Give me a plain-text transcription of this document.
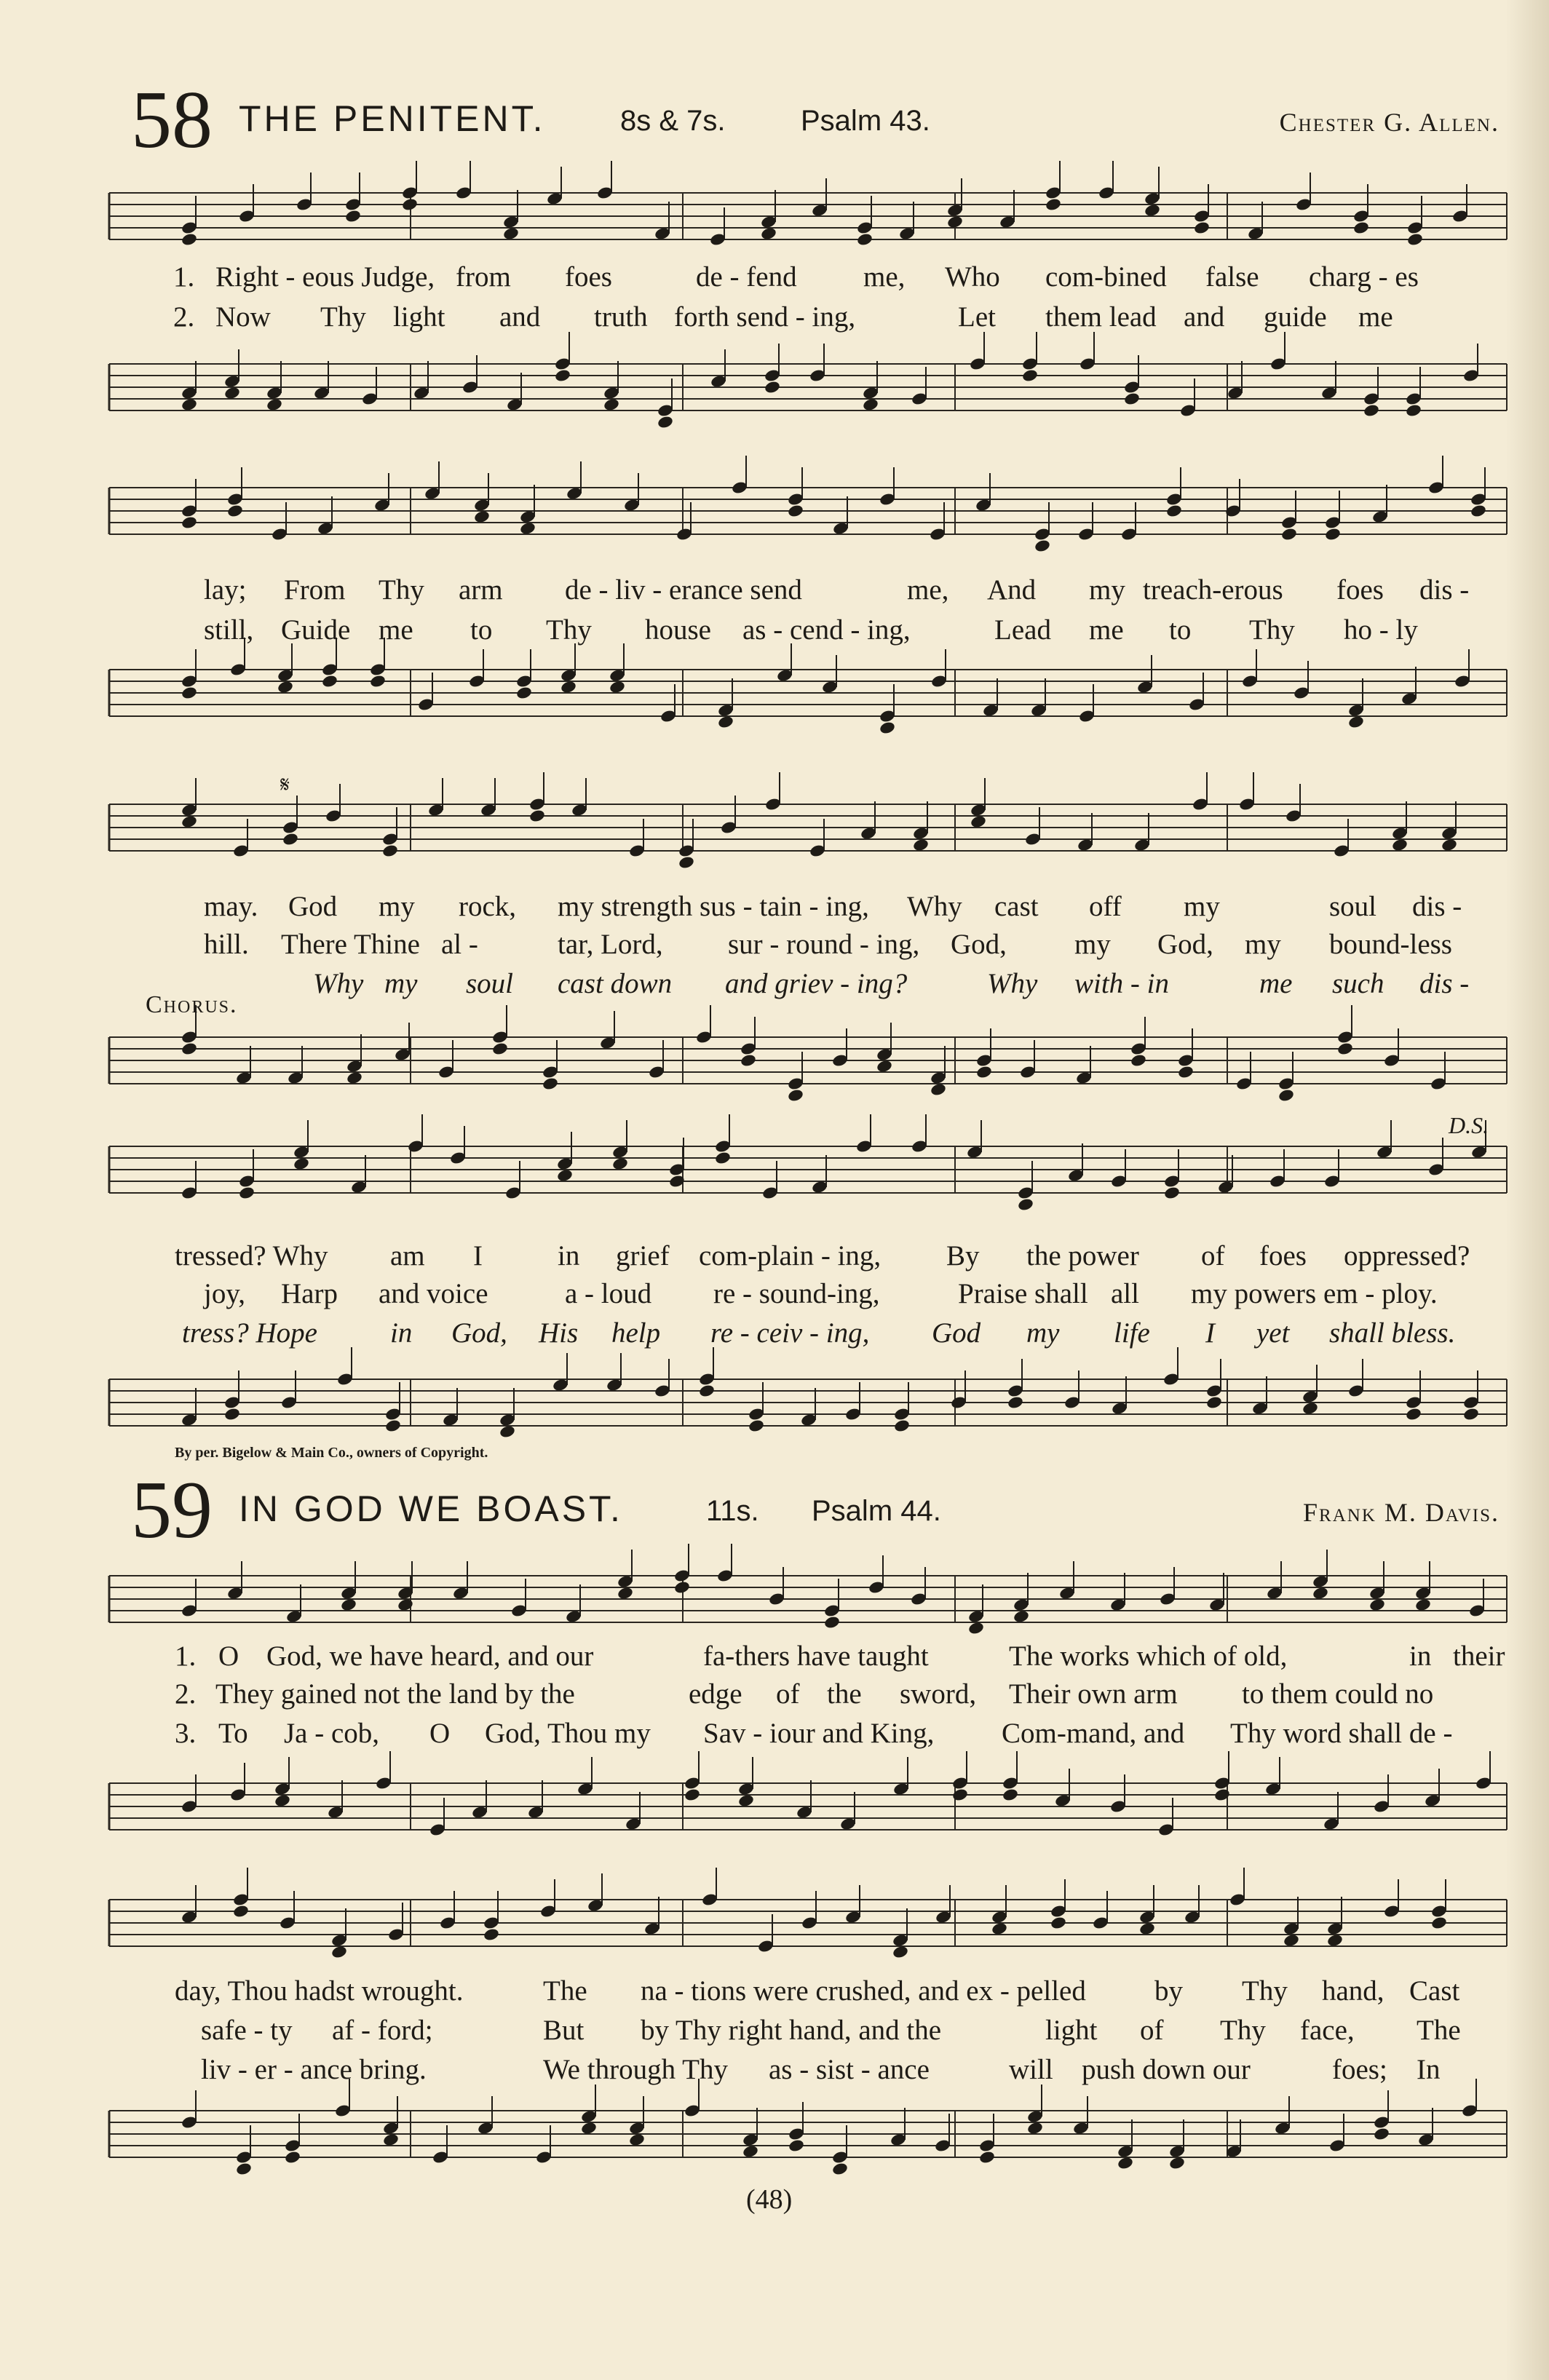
58 THE PENITENT.	8s & 7s.	Psalm 43.	Chester G. Allen.
1. Right - eous Judge, from foes	de - fend me, Who com-bined false charg - es
2. Now Thy light and truth forth send - ing,	Let them lead and guide me
lay; From Thy arm de - liv - erance send	me, And my treach-erous foes dis -
still, Guide me to Thy house as - cend - ing,	Lead me to Thy ho - ly
𝄋
may. God my rock, my strength sus - tain - ing, Why cast off my	soul dis -
hill. There Thine al -	tar, Lord, sur - round - ing, God, my God, my bound-less
Chorus.
Why my soul cast down and griev - ing?	Why with - in	me such dis -
D.S.
tressed? Why am I	in grief com-plain - ing, By the power of foes oppressed?
joy, Harp and voice	a - loud re - sound-ing,	Praise shall all my powers em - ploy.
tress? Hope	in God, His help re - ceiv - ing, God my life I yet shall bless.
By per. Bigelow & Main Co., owners of Copyright.
59 IN GOD WE BOAST.	11s. Psalm 44.	Frank M. Davis.
1. O God, we have heard, and our	fa-thers have taught	The works which of old,	in their
2. They gained not the land by the	edge of the sword, Their own arm to them could no
3. To Ja - cob, O God, Thou my Sav - iour and King, Com-mand, and Thy word shall de -
day, Thou hadst wrought.	The na - tions were crushed, and ex - pelled by Thy hand, Cast
safe - ty af - ford;	But by Thy right hand, and the	light of Thy face, The
liv - er - ance bring.	We through Thy as - sist - ance	will push down our	foes; In
(48)
